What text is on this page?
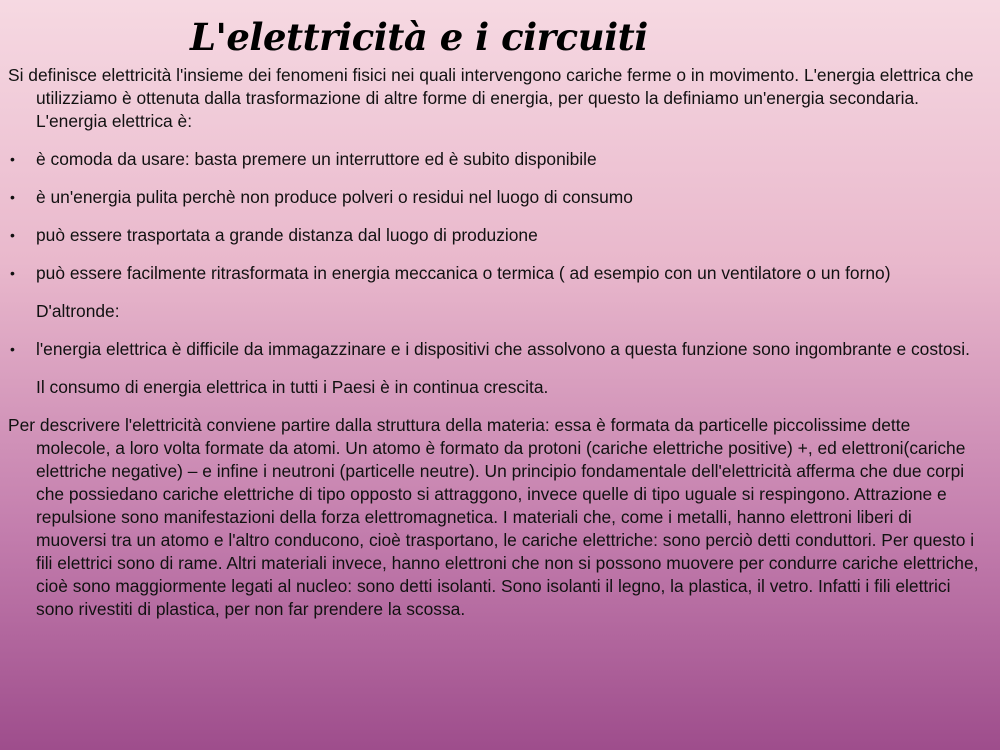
L'elettricità e i circuiti

Si definisce elettricità l'insieme dei fenomeni fisici nei quali intervengono cariche ferme o in movimento. L'energia elettrica che utilizziamo è ottenuta dalla trasformazione di altre forme di energia, per questo la definiamo un'energia secondaria. L'energia elettrica è:

• è comoda da usare: basta premere un interruttore ed è subito disponibile
• è un'energia pulita perchè non produce polveri o residui nel luogo di consumo
• può essere trasportata a grande distanza dal luogo di produzione
• può essere facilmente ritrasformata in energia meccanica o termica ( ad esempio con un ventilatore o un forno)

D'altronde:

• l'energia elettrica è difficile da immagazzinare e i dispositivi che assolvono a questa funzione sono ingombrante e costosi.

Il consumo di energia elettrica in tutti i Paesi è in continua crescita.

Per descrivere l'elettricità conviene partire dalla struttura della materia: essa è formata da particelle piccolissime dette molecole, a loro volta formate da atomi. Un atomo è formato da protoni (cariche elettriche positive) +, ed elettroni(cariche elettriche negative) – e infine i neutroni (particelle neutre). Un principio fondamentale dell'elettricità afferma che due corpi che possiedano cariche elettriche di tipo opposto si attraggono, invece quelle di tipo uguale si respingono. Attrazione e repulsione sono manifestazioni della forza elettromagnetica. I materiali che, come i metalli, hanno elettroni liberi di muoversi tra un atomo e l'altro conducono, cioè trasportano, le cariche elettriche: sono perciò detti conduttori. Per questo i fili elettrici sono di rame. Altri materiali invece, hanno elettroni che non si possono muovere per condurre cariche elettriche, cioè sono maggiormente legati al nucleo: sono detti isolanti. Sono isolanti il legno, la plastica, il vetro. Infatti i fili elettrici sono rivestiti di plastica, per non far prendere la scossa.
